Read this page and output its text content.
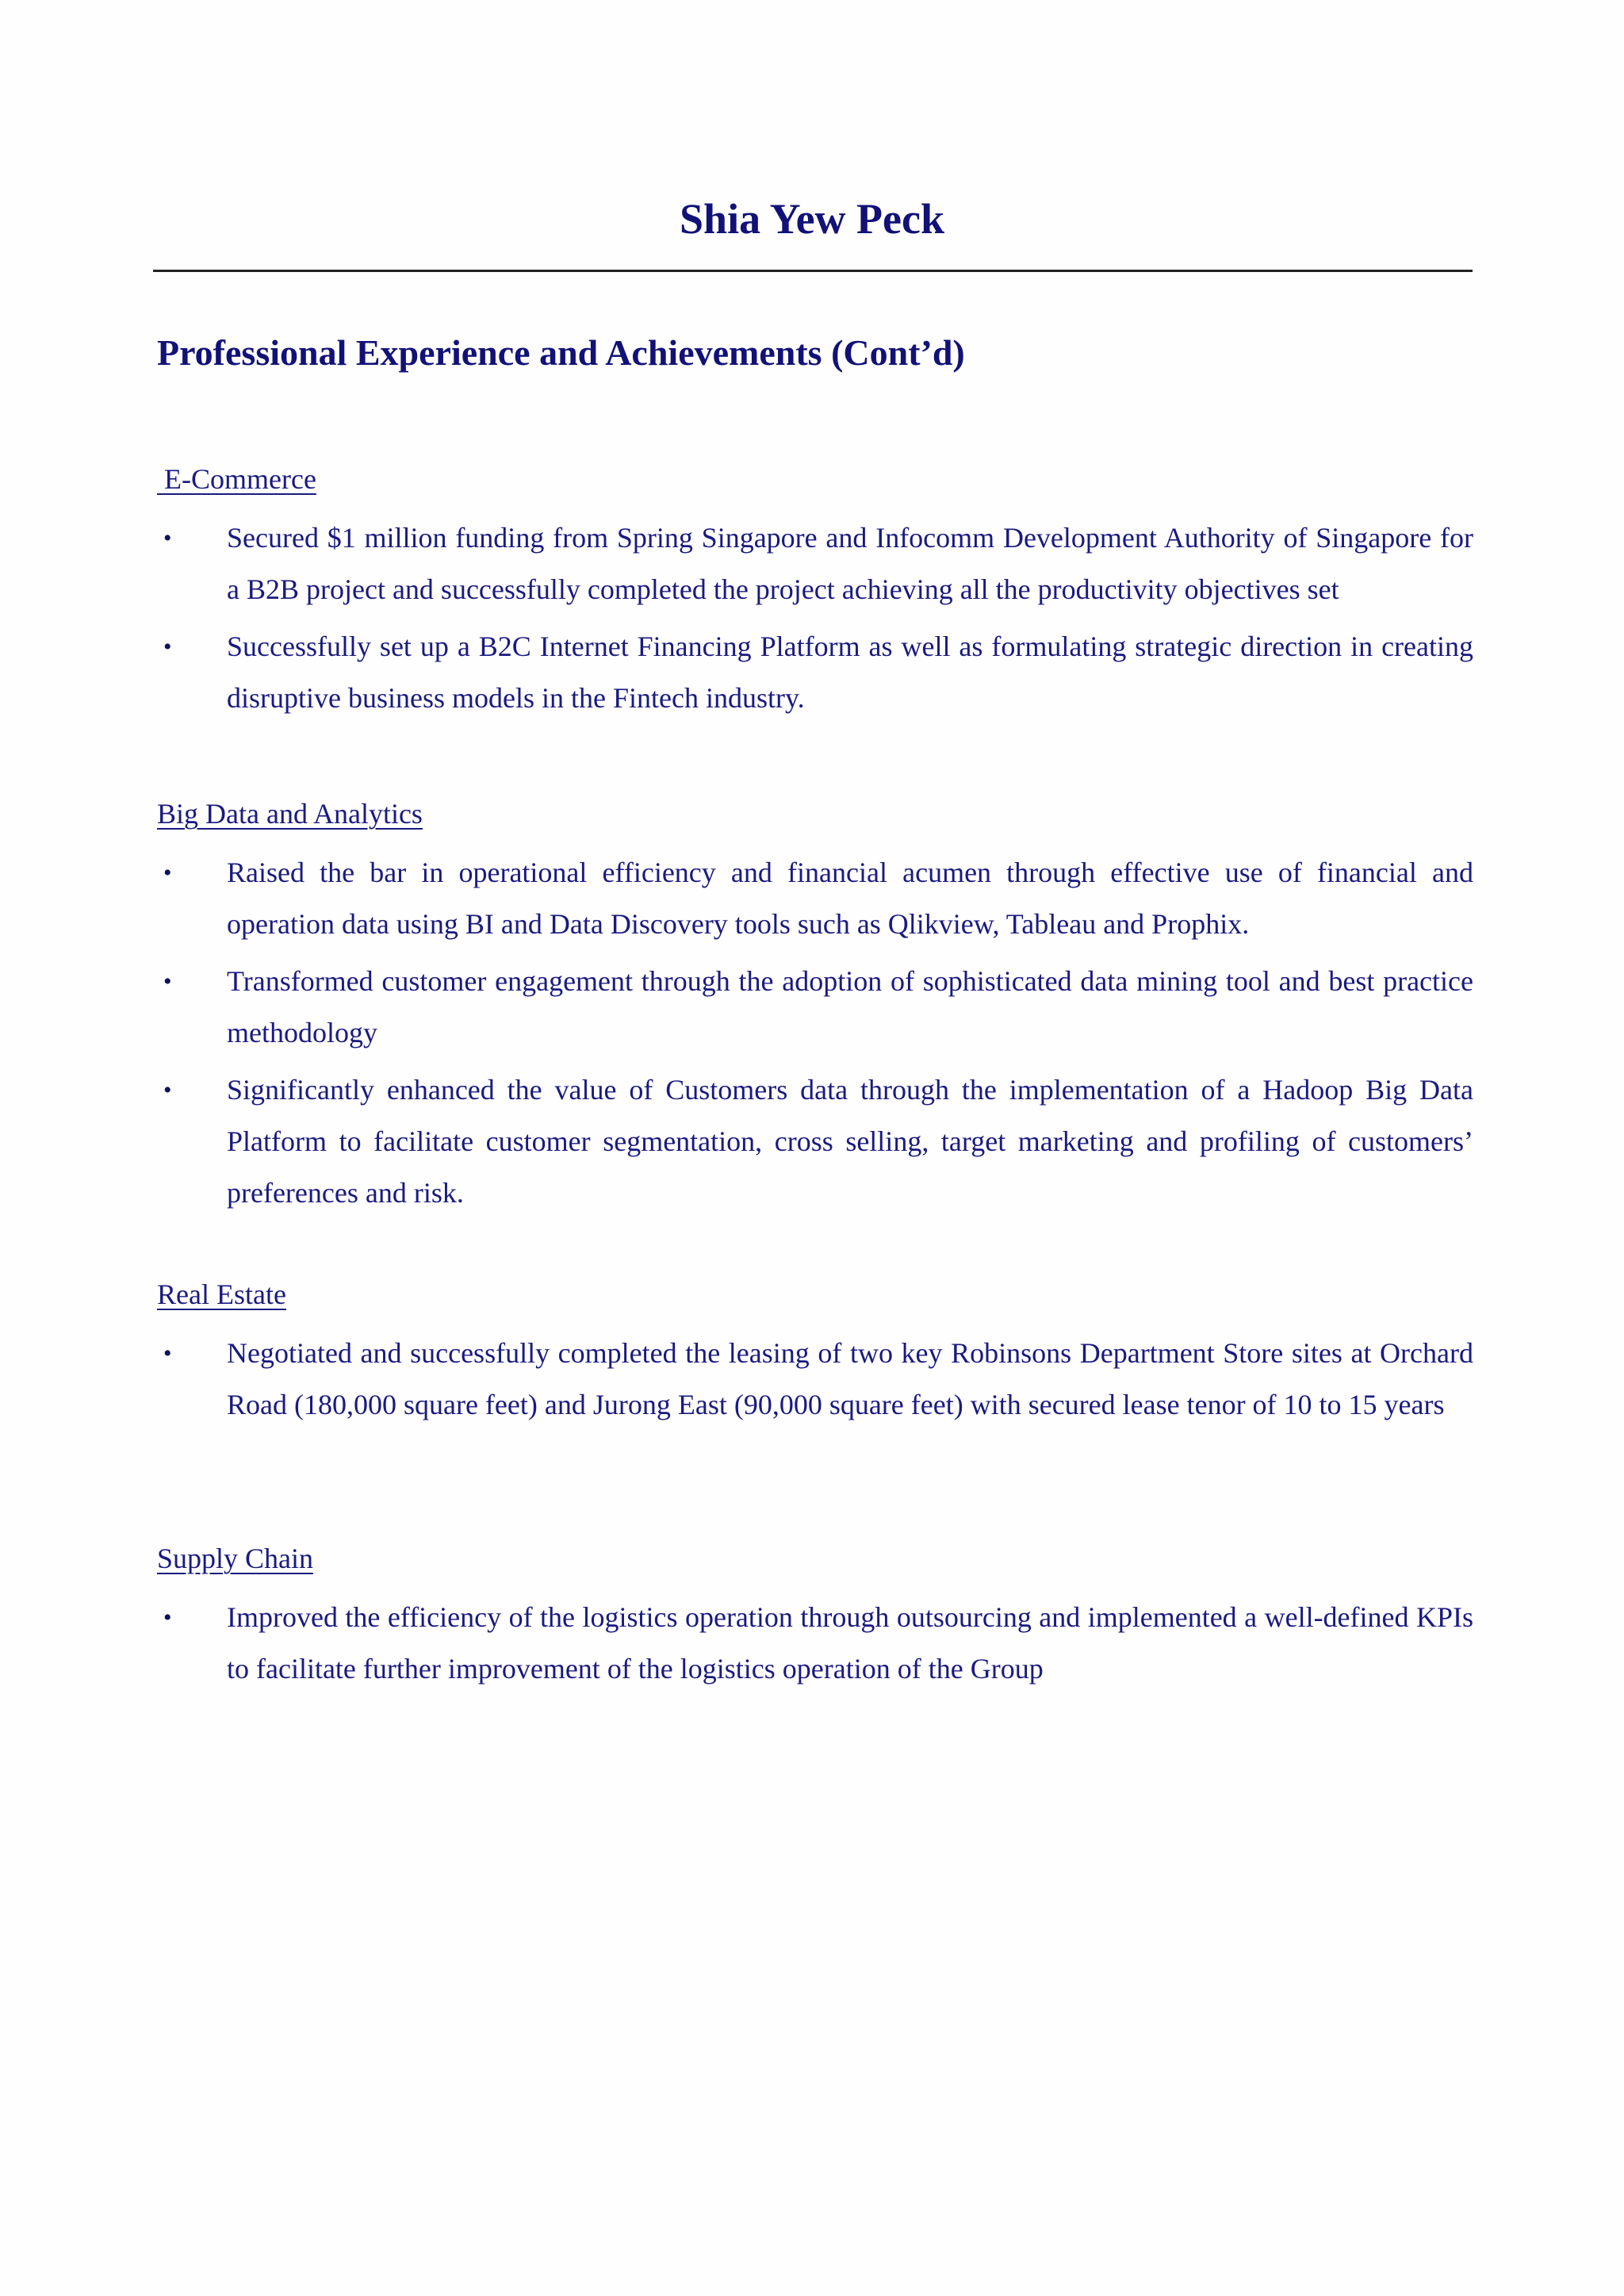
Shia Yew Peck
Professional Experience and Achievements (Cont’d)
E-Commerce
• Secured $1 million funding from Spring Singapore and Infocomm Development Authority of Singapore for a B2B project and successfully completed the project achieving all the productivity objectives set
• Successfully set up a B2C Internet Financing Platform as well as formulating strategic direction in creating disruptive business models in the Fintech industry.
Big Data and Analytics
• Raised the bar in operational efficiency and financial acumen through effective use of financial and operation data using BI and Data Discovery tools such as Qlikview, Tableau and Prophix.
• Transformed customer engagement through the adoption of sophisticated data mining tool and best practice methodology
• Significantly enhanced the value of Customers data through the implementation of a Hadoop Big Data Platform to facilitate customer segmentation, cross selling, target marketing and profiling of customers’ preferences and risk.
Real Estate
• Negotiated and successfully completed the leasing of two key Robinsons Department Store sites at Orchard Road (180,000 square feet) and Jurong East (90,000 square feet) with secured lease tenor of 10 to 15 years
Supply Chain
• Improved the efficiency of the logistics operation through outsourcing and implemented a well-defined KPIs to facilitate further improvement of the logistics operation of the Group
